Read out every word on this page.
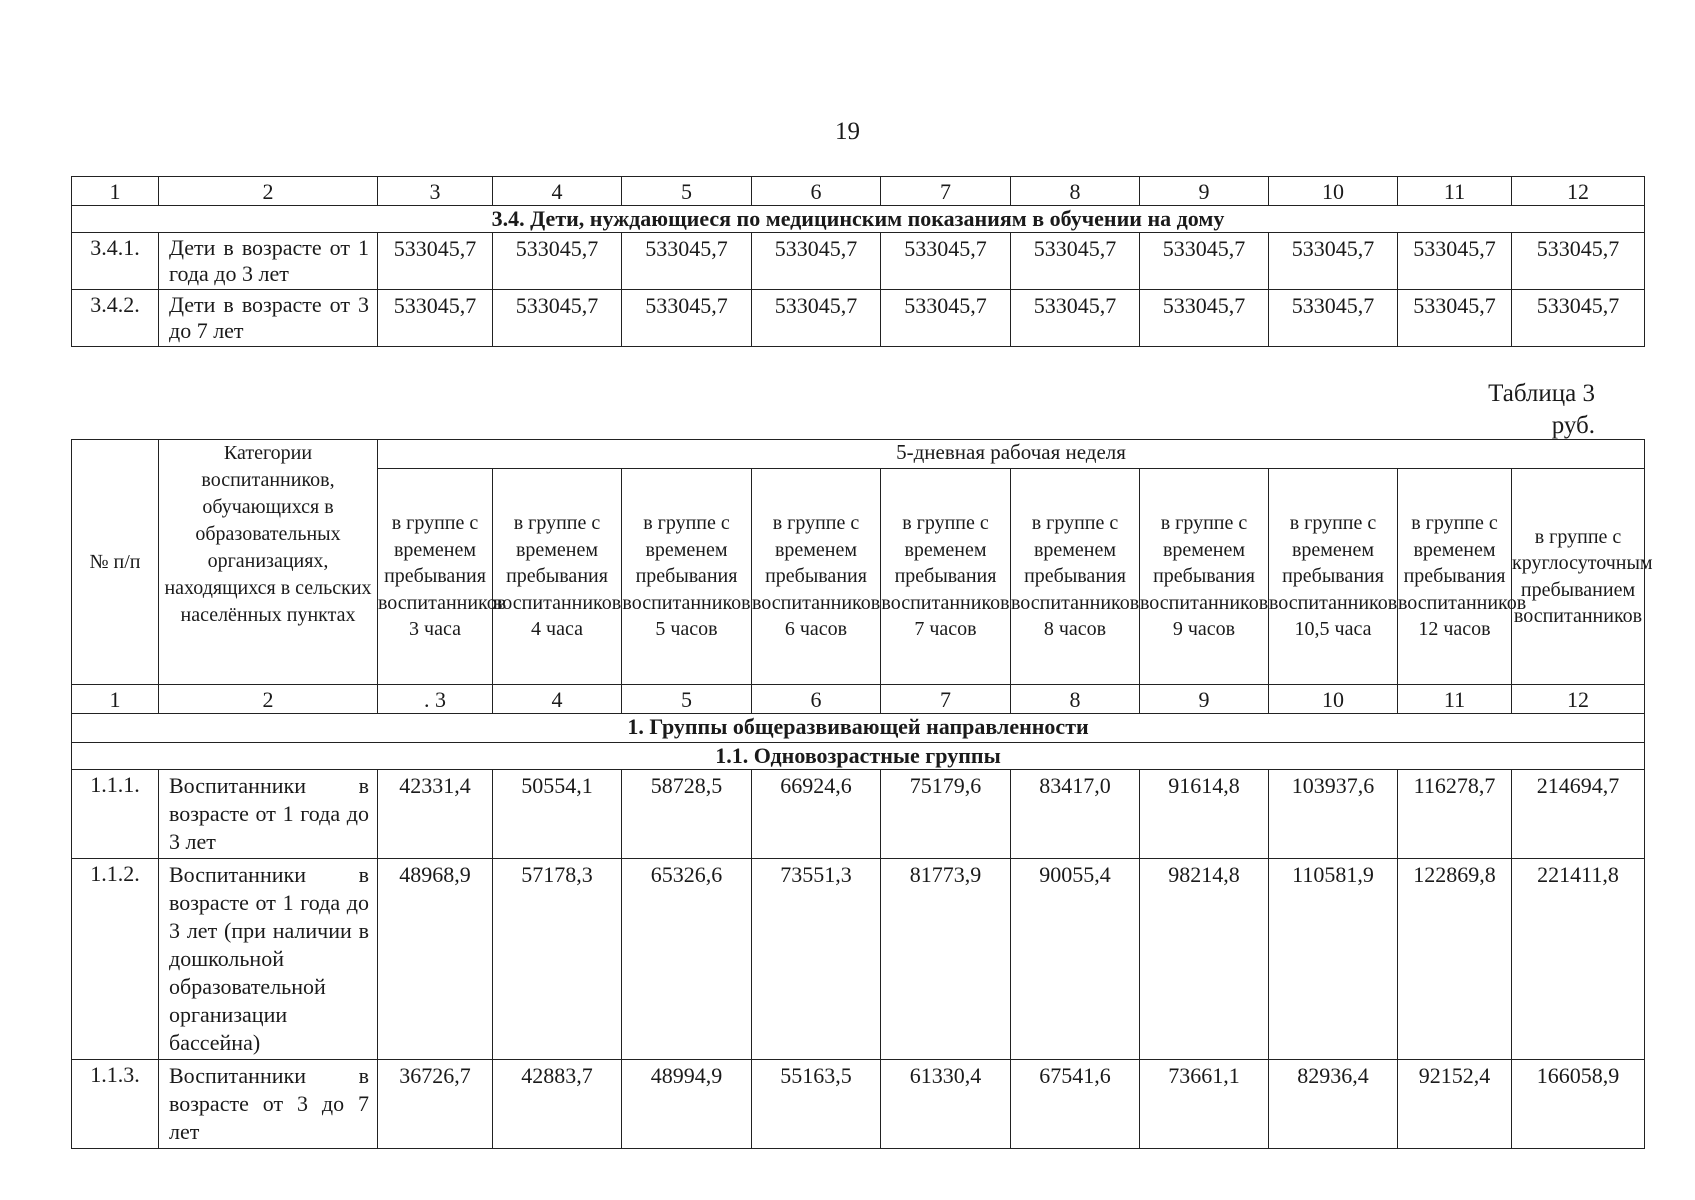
19
1	2	3	4	5	6	7	8	9	10	11	12
3.4. Дети, нуждающиеся по медицинским показаниям в обучении на дому											
3.4.1.	Дети в возрасте от 1 года до 3 лет	533045,7	533045,7	533045,7	533045,7	533045,7	533045,7	533045,7	533045,7	533045,7	533045,7
3.4.2.	Дети в возрасте от 3 до 7 лет	533045,7	533045,7	533045,7	533045,7	533045,7	533045,7	533045,7	533045,7	533045,7	533045,7
Таблица 3
руб.
№ п/п	Категории воспитанников, обучающихся в образовательных организациях, находящихся в сельских населённых пунктах	5-дневная рабочая неделя									
		в группе с временем пребывания воспитанников 3 часа	в группе с временем пребывания воспитанников 4 часа	в группе с временем пребывания воспитанников 5 часов	в группе с временем пребывания воспитанников 6 часов	в группе с временем пребывания воспитанников 7 часов	в группе с временем пребывания воспитанников 8 часов	в группе с временем пребывания воспитанников 9 часов	в группе с временем пребывания воспитанников 10,5 часа	в группе с временем пребывания воспитанников 12 часов	в группе с круглосуточным пребыванием воспитанников
1	2	. 3	4	5	6	7	8	9	10	11	12
1. Группы общеразвивающей направленности											
1.1. Одновозрастные группы											
1.1.1.	Воспитанники в возрасте от 1 года до 3 лет	42331,4	50554,1	58728,5	66924,6	75179,6	83417,0	91614,8	103937,6	116278,7	214694,7
1.1.2.	Воспитанники в возрасте от 1 года до 3 лет (при наличии в дошкольной образовательной организации бассейна)	48968,9	57178,3	65326,6	73551,3	81773,9	90055,4	98214,8	110581,9	122869,8	221411,8
1.1.3.	Воспитанники в возрасте от 3 до 7 лет	36726,7	42883,7	48994,9	55163,5	61330,4	67541,6	73661,1	82936,4	92152,4	166058,9
